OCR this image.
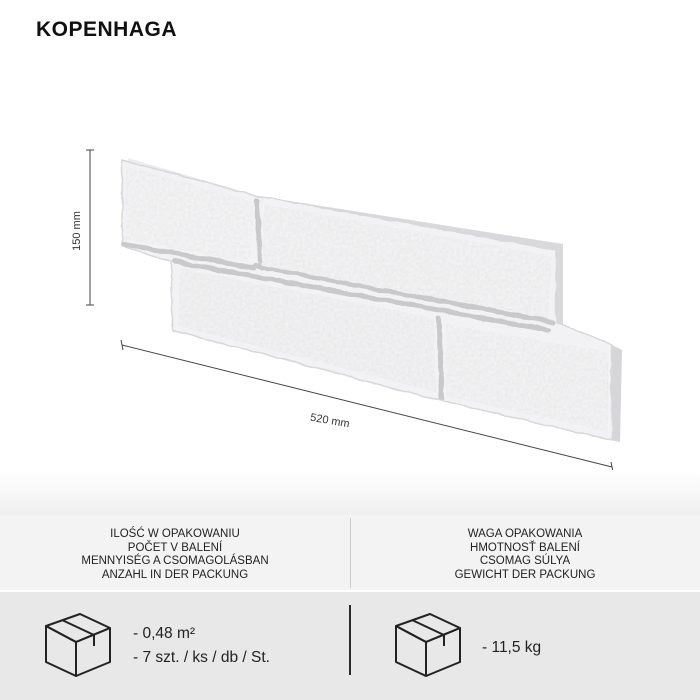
KOPENHAGA
150 mm
520 mm
ILOŚĆ W OPAKOWANIU
POČET V BALENÍ
MENNYISÉG A CSOMAGOLÁSBAN
ANZAHL IN DER PACKUNG
WAGA OPAKOWANIA
HMOTNOSŤ BALENÍ
CSOMAG SÚLYA
GEWICHT DER PACKUNG
- 0,48 m²
- 7 szt. / ks / db / St.
- 11,5 kg
